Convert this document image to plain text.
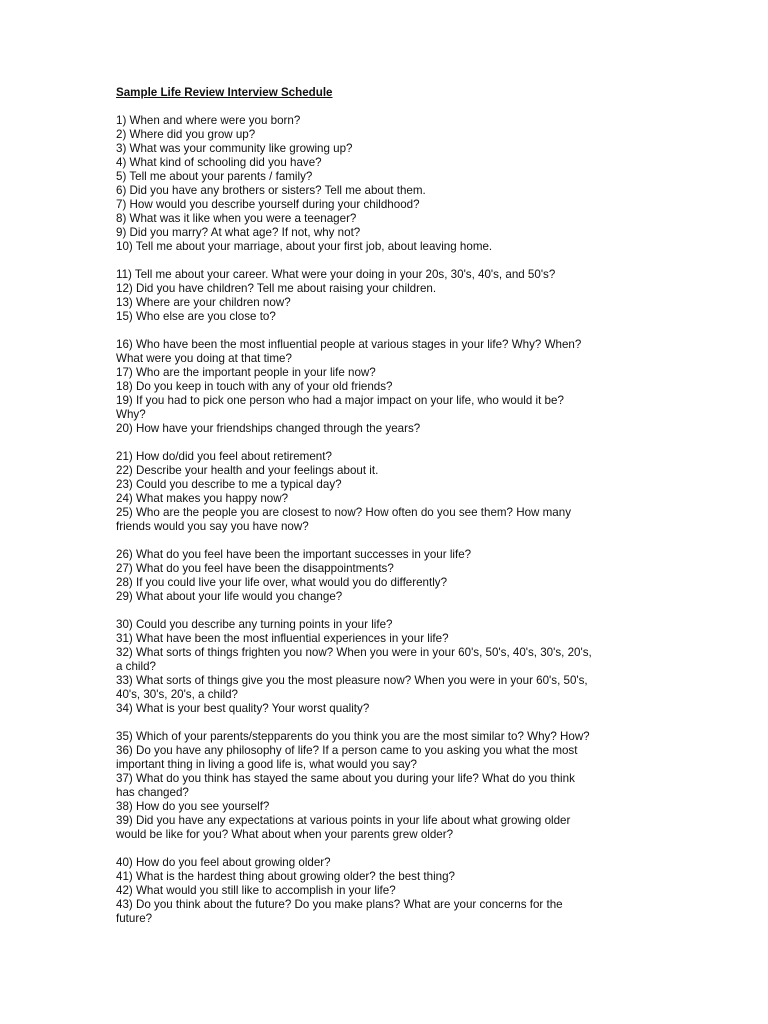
Sample Life Review Interview Schedule
1) When and where were you born?
2) Where did you grow up?
3) What was your community like growing up?
4) What kind of schooling did you have?
5) Tell me about your parents / family?
6) Did you have any brothers or sisters? Tell me about them.
7) How would you describe yourself during your childhood?
8) What was it like when you were a teenager?
9) Did you marry? At what age? If not, why not?
10) Tell me about your marriage, about your first job, about leaving home.
11) Tell me about your career. What were your doing in your 20s, 30's, 40's, and 50's?
12) Did you have children? Tell me about raising your children.
13) Where are your children now?
15) Who else are you close to?
16) Who have been the most influential people at various stages in your life? Why? When?
What were you doing at that time?
17) Who are the important people in your life now?
18) Do you keep in touch with any of your old friends?
19) If you had to pick one person who had a major impact on your life, who would it be?
Why?
20) How have your friendships changed through the years?
21) How do/did you feel about retirement?
22) Describe your health and your feelings about it.
23) Could you describe to me a typical day?
24) What makes you happy now?
25) Who are the people you are closest to now? How often do you see them? How many
friends would you say you have now?
26) What do you feel have been the important successes in your life?
27) What do you feel have been the disappointments?
28) If you could live your life over, what would you do differently?
29) What about your life would you change?
30) Could you describe any turning points in your life?
31) What have been the most influential experiences in your life?
32) What sorts of things frighten you now? When you were in your 60's, 50's, 40's, 30's, 20's,
a child?
33) What sorts of things give you the most pleasure now? When you were in your 60's, 50's,
40's, 30's, 20's, a child?
34) What is your best quality? Your worst quality?
35) Which of your parents/stepparents do you think you are the most similar to? Why? How?
36) Do you have any philosophy of life? If a person came to you asking you what the most
important thing in living a good life is, what would you say?
37) What do you think has stayed the same about you during your life? What do you think
has changed?
38) How do you see yourself?
39) Did you have any expectations at various points in your life about what growing older
would be like for you? What about when your parents grew older?
40) How do you feel about growing older?
41) What is the hardest thing about growing older? the best thing?
42) What would you still like to accomplish in your life?
43) Do you think about the future? Do you make plans? What are your concerns for the
future?
